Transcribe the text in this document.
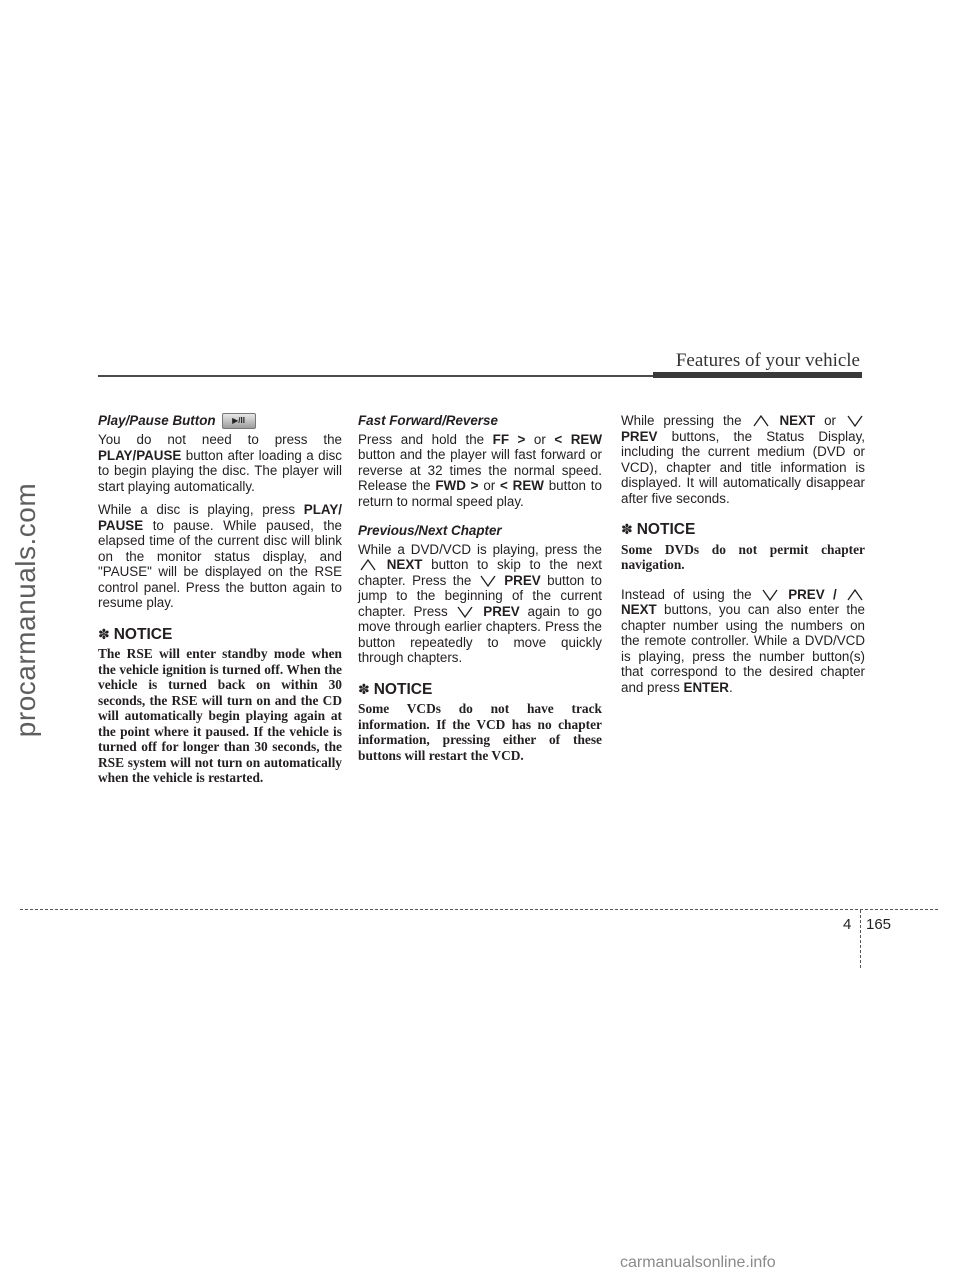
procarmanuals.com
Features of your vehicle
Play/Pause Button	▶/II

You do not need to press the PLAY/PAUSE button after loading a disc to begin playing the disc. The player will start playing automatically.

While a disc is playing, press PLAY/ PAUSE to pause. While paused, the elapsed time of the current disc will blink on the monitor status display, and "PAUSE" will be displayed on the RSE control panel. Press the button again to resume play.

✽ NOTICE

The RSE will enter standby mode when the vehicle ignition is turned off. When the vehicle is turned back on within 30 seconds, the RSE will turn on and the CD will automatically begin playing again at the point where it paused. If the vehicle is turned off for longer than 30 seconds, the RSE system will not turn on automatically when the vehicle is restarted.

Fast Forward/Reverse

Press and hold the FF > or < REW button and the player will fast forward or reverse at 32 times the normal speed. Release the FWD > or < REW button to return to normal speed play.

Previous/Next Chapter

While a DVD/VCD is playing, press the  NEXT button to skip to the next chapter. Press the PREV button to jump to the beginning of the current chapter. Press	PREV again to go move through earlier chapters. Press the button repeatedly to move quickly through chapters.

✽ NOTICE

Some VCDs do not have track information. If the VCD has no chapter information, pressing either of these buttons will restart the VCD.

While pressing the	NEXT or  PREV buttons, the Status Display, including the current medium (DVD or VCD), chapter and title information is displayed. It will automatically disappear after five seconds.

✽ NOTICE

Some DVDs do not permit chapter navigation.

Instead of using the	PREV /  NEXT buttons, you can also enter the chapter number using the numbers on the remote controller. While a DVD/VCD is playing, press the number button(s) that correspond to the desired chapter and press ENTER.

4 165
carmanualsonline.info
